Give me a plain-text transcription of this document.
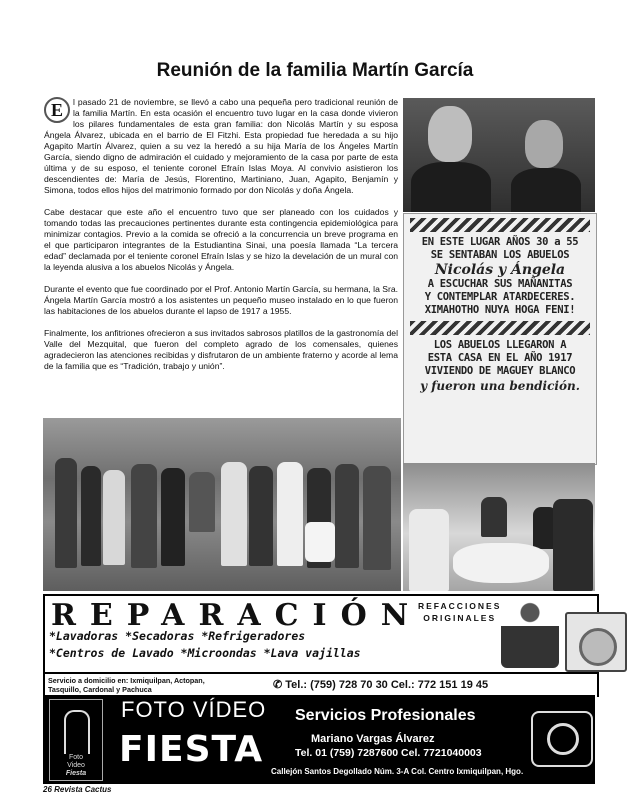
Reunión de la familia Martín García

E	l pasado 21 de noviembre, se llevó a cabo una pequeña pero tradicional reunión de la familia Martín. En esta ocasión el encuentro tuvo lugar en la casa donde vivieron los pilares fundamentales de esta gran familia: don Nicolás Martín y su esposa Ángela Álvarez, ubicada en el barrio de El Fitzhi. Esta propiedad fue heredada a su hijo Agapito Martín Álvarez, quien a su vez la heredó a su hija María de los Ángeles Martín García, siendo digno de admiración el cuidado y mejoramiento de la casa por parte de esta última y de su esposo, el teniente coronel Efraín Islas Moya. Al convivio asistieron los descendientes de: María de Jesús, Florentino, Martiniano, Juan, Agapito, Benjamín y Simona, todos ellos hijos del matrimonio formado por don Nicolás y doña Ángela.

Cabe destacar que este año el encuentro tuvo que ser planeado con los cuidados y tomando todas las precauciones pertinentes durante esta contingencia epidemiológica para minimizar contagios. Previo a la comida se ofreció a la concurrencia un breve programa en el que participaron integrantes de la Estudiantina Sinai, una poesía llamada “La tercera edad” declamada por el teniente coronel Efraín Islas y se hizo la develación de un mural con la leyenda alusiva a los abuelos Nicolás y Ángela.

Durante el evento que fue coordinado por el Prof. Antonio Martín García, su hermana, la Sra. Ángela Martín García mostró a los asistentes un pequeño museo instalado en lo que fueron las habitaciones de los abuelos durante el lapso de 1917 a 1955.

Finalmente, los anfitriones ofrecieron a sus invitados sabrosos platillos de la gastronomía del Valle del Mezquital, que fueron del completo agrado de los comensales, quienes agradecieron las atenciones recibidas y disfrutaron de un ambiente fraterno y acorde al lema de la familia que es “Tradición, trabajo y unión”.

EN ESTE LUGAR AÑOS 30 a 55
SE SENTABAN LOS ABUELOS
Nicolás y Ángela
A ESCUCHAR SUS MAÑANITAS
Y CONTEMPLAR ATARDECERES.
XIMAHOTHO NUYA HOGA FENI!
LOS ABUELOS LLEGARON A
ESTA CASA EN EL AÑO 1917
VIVIENDO DE MAGUEY BLANCO
y fueron una bendición.
REPARACIÓN
REFACCIONES
ORIGINALES
*Lavadoras *Secadoras *Refrigeradores
*Centros de Lavado *Microondas *Lava vajillas
Servicio a domicilio en: Ixmiquilpan, Actopan,
Tasquillo, Cardonal y Pachuca	✆ Tel.: (759) 728 70 30 Cel.: 772 151 19 45
Foto
Video
Fiesta
FOTO VÍDEO
FIESTA
Servicios Profesionales
Mariano Vargas Álvarez
Tel. 01 (759) 7287600 Cel. 7721040003
Callejón Santos Degollado Núm. 3-A Col. Centro Ixmiquilpan, Hgo.
26 Revista Cactus
